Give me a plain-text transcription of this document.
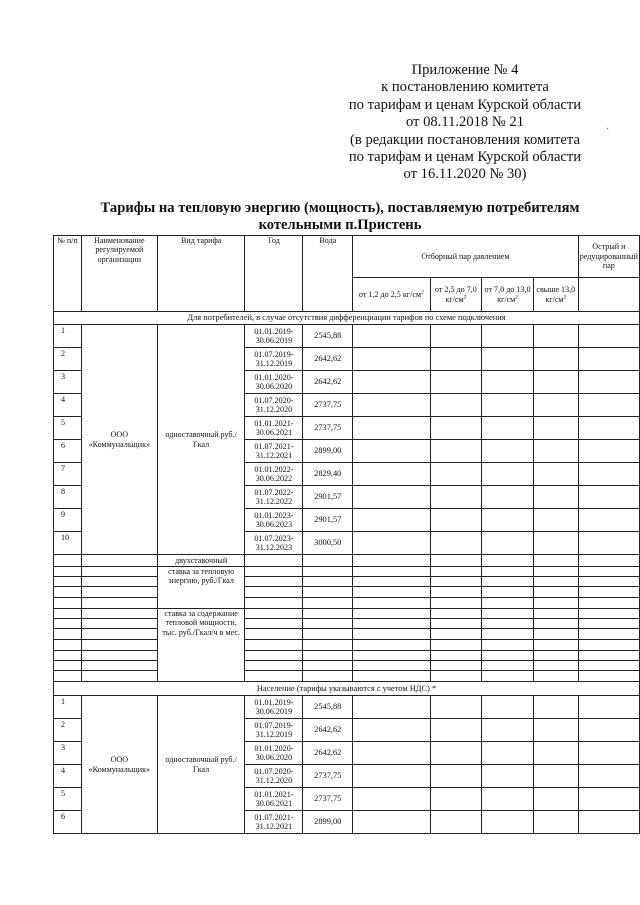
Приложение № 4
к постановлению комитета
по тарифам и ценам Курской области
от 08.11.2018 № 21
(в редакции постановления комитета
по тарифам и ценам Курской области
от 16.11.2020 № 30)
·
Тарифы на тепловую энергию (мощность), поставляемую потребителям
котельными п.Пристень
№ п/п	Наименование регулируемой организации	Вид тарифа	Год	Вода	Отборный пар давлением				Острый и редуцированный пар
					от 1,2 до 2,5 $кг/см^2$	от 2,5 до 7,0 $кг/см^2$	от 7,0 до 13,0 $кг/см^2$	свыше 13,0 $кг/см^2$	
Для потребителей, в случае отсутствия дифференциации тарифов по схеме подключения									
1	ООО «Коммунальщик»	одноставочный руб./Гкал	01.01.2019-30.06.2019	2545,88					
2			01.07.2019-31.12.2019	2642,62					
3			01.01.2020-30.06.2020	2642,62					
4			01.07.2020-31.12.2020	2737,75					
5			01.01.2021-30.06.2021	2737,75					
6			01.07.2021-31.12.2021	2899,00					
7			01.01.2022-30.06.2022	2829,40					
8			01.07.2022-31.12.2022	2901,57					
9			01.01.2023-30.06.2023	2901,57					
10			01.07.2023-31.12.2023	3000,50					
		двухставочный							
		ставка за тепловую энергию, руб./Гкал							

		ставка за содержание тепловой мощности, тыс. руб./Гкал/ч в мес.							

Население (тарифы указываются с учетом НДС) *									
1	ООО «Коммунальщик»	одноставочный руб./Гкал	01.01.2019-30.06.2019	2545,88					
2			01.07.2019-31.12.2019	2642,62					
3			01.01.2020-30.06.2020	2642,62					
4			01.07.2020-31.12.2020	2737,75					
5			01.01.2021-30.06.2021	2737,75					
6			01.07.2021-31.12.2021	2899,00					
